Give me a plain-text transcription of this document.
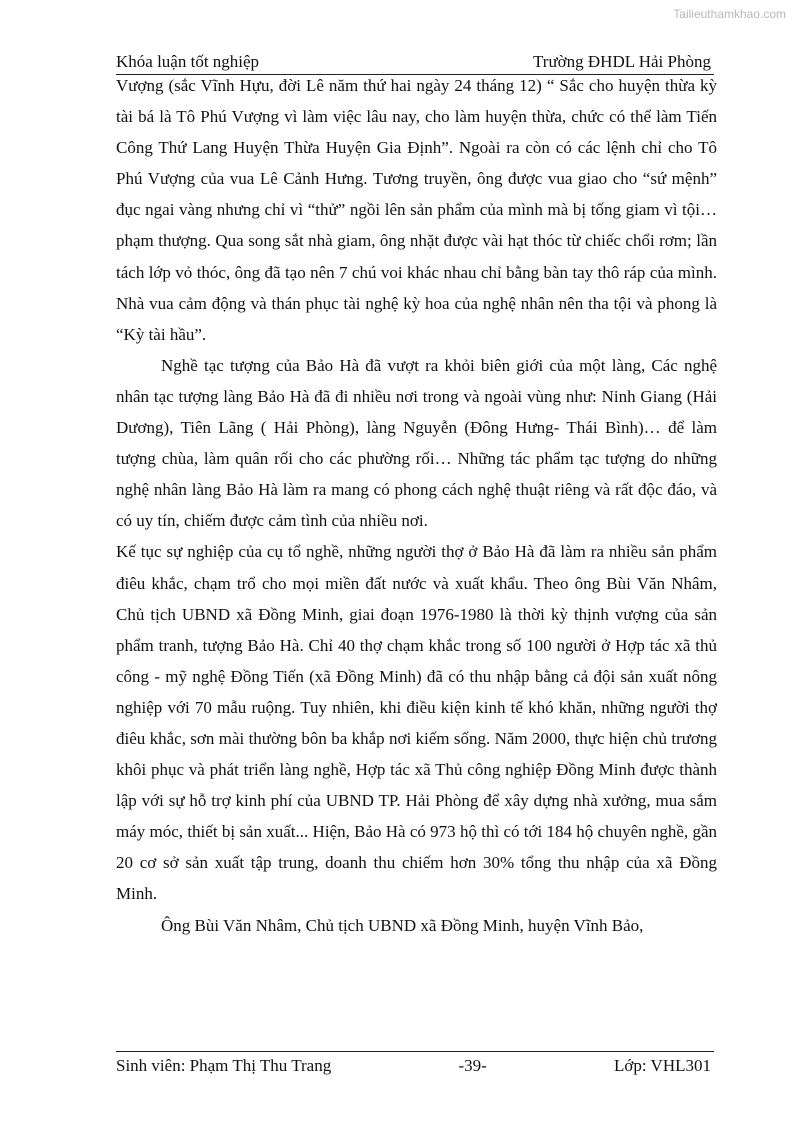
Tailieuthamkhao.com
Khóa luận tốt nghiệp	Trường ĐHDL Hải Phòng

Vượng (sắc Vĩnh Hựu, đời Lê năm thứ hai ngày 24 tháng 12) “ Sắc cho huyện thừa kỳ tài bá là Tô Phú Vượng vì làm việc lâu nay, cho làm huyện thừa, chức có thể làm Tiến Công Thứ Lang Huyện Thừa Huyện Gia Định”. Ngoài ra còn có các lệnh chỉ cho Tô Phú Vượng của vua Lê Cảnh Hưng. Tương truyền, ông được vua giao cho “sứ mệnh” đục ngai vàng nhưng chỉ vì “thử” ngồi lên sản phẩm của mình mà bị tống giam vì tội… phạm thượng. Qua song sắt nhà giam, ông nhặt được vài hạt thóc từ chiếc chổi rơm; lần tách lớp vỏ thóc, ông đã tạo nên 7 chú voi khác nhau chỉ bằng bàn tay thô ráp của mình. Nhà vua cảm động và thán phục tài nghệ kỳ hoa của nghệ nhân nên tha tội và phong là “Kỳ tài hầu”.

Nghề tạc tượng của Bảo Hà đã vượt ra khỏi biên giới của một làng, Các nghệ nhân tạc tượng làng Bảo Hà đã đi nhiều nơi trong và ngoài vùng như: Ninh Giang (Hải Dương), Tiên Lãng ( Hải Phòng), làng Nguyễn (Đông Hưng- Thái Bình)… để làm tượng chùa, làm quân rối cho các phường rối… Những tác phẩm tạc tượng do những nghệ nhân làng Bảo Hà làm ra mang có phong cách nghệ thuật riêng và rất độc đáo, và có uy tín, chiếm được cảm tình của nhiều nơi.

Kế tục sự nghiệp của cụ tổ nghề, những người thợ ở Bảo Hà đã làm ra nhiều sản phẩm điêu khắc, chạm trổ cho mọi miền đất nước và xuất khẩu. Theo ông Bùi Văn Nhâm, Chủ tịch UBND xã Đồng Minh, giai đoạn 1976-1980 là thời kỳ thịnh vượng của sản phẩm tranh, tượng Bảo Hà. Chỉ 40 thợ chạm khắc trong số 100 người ở Hợp tác xã thủ công - mỹ nghệ Đồng Tiến (xã Đồng Minh) đã có thu nhập bằng cả đội sản xuất nông nghiệp với 70 mẫu ruộng. Tuy nhiên, khi điều kiện kinh tế khó khăn, những người thợ điêu khắc, sơn mài thường bôn ba khắp nơi kiếm sống. Năm 2000, thực hiện chủ trương khôi phục và phát triển làng nghề, Hợp tác xã Thủ công nghiệp Đồng Minh được thành lập với sự hỗ trợ kinh phí của UBND TP. Hải Phòng để xây dựng nhà xưởng, mua sắm máy móc, thiết bị sản xuất... Hiện, Bảo Hà có 973 hộ thì có tới 184 hộ chuyên nghề, gần 20 cơ sở sản xuất tập trung, doanh thu chiếm hơn 30% tổng thu nhập của xã Đồng Minh.

Ông Bùi Văn Nhâm, Chủ tịch UBND xã Đồng Minh, huyện Vĩnh Bảo,

Sinh viên: Phạm Thị Thu Trang	-39-	Lớp: VHL301
